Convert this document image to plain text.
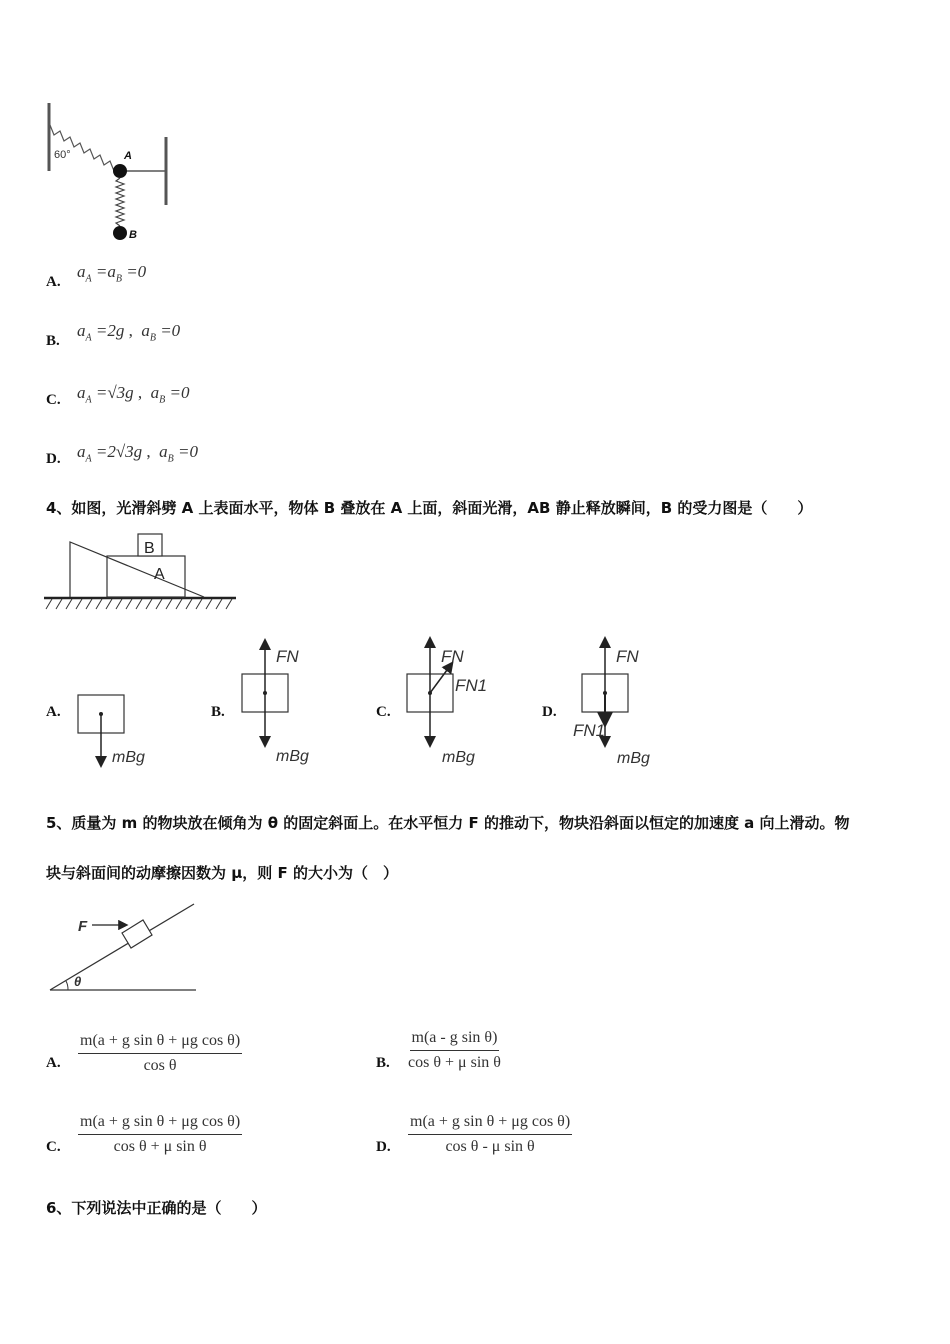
60°	A
B
A.
$a_A =a_B =0$
B.
$a_A =2g$ ,  $a_B =0$
C. $a_A =√3g$ ,  $a_B =0$
D. $a_A =2√3g$ ,  $a_B =0$
4、如图，光滑斜劈 A 上表面水平，物体 B 叠放在 A 上面，斜面光滑，AB 静止释放瞬间，B 的受力图是（　　）
B
A
A.	B.	C.	D.
mBg
FN
mBg
FN
FN1
mBg
FN
FN1
mBg
5、质量为 m 的物块放在倾角为 θ 的固定斜面上。在水平恒力 F 的推动下，物块沿斜面以恒定的加速度 a 向上滑动。物
块与斜面间的动摩擦因数为 μ，则 F 的大小为（　）
F
θ
A. $\frac{\text{m(a + g sin θ + μg cos θ)}}{\text{cos θ}}$	B. $\frac{\text{m(a - g sin θ)}}{\text{cos θ + μ sin θ}}$
C. $\frac{\text{m(a + g sin θ + μg cos θ)}}{\text{cos θ + μ sin θ}}$	D. $\frac{\text{m(a + g sin θ + μg cos θ)}}{\text{cos θ - μ sin θ}}$
6、下列说法中正确的是（　　）
